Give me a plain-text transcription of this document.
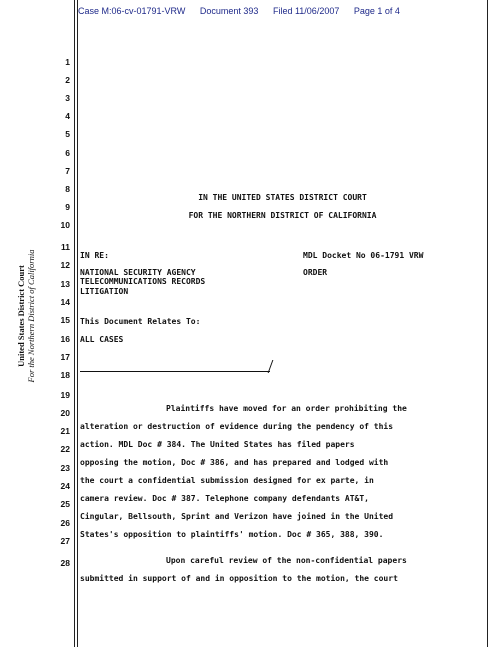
Case M:06-cv-01791-VRW Document 393 Filed 11/06/2007 Page 1 of 4
United States District Court For the Northern District of California
1
2
3
4
5
6
7
8
9
10
11
12
13
14
15
16
17
18
19
20
21
22
23
24
25
26
27
28
IN THE UNITED STATES DISTRICT COURT
FOR THE NORTHERN DISTRICT OF CALIFORNIA
IN RE:	MDL Docket No 06-1791 VRW
NATIONAL SECURITY AGENCY	ORDER
TELECOMMUNICATIONS RECORDS
LITIGATION
This Document Relates To:
ALL CASES
Plaintiffs have moved for an order prohibiting the
alteration or destruction of evidence during the pendency of this
action. MDL Doc # 384. The United States has filed papers
opposing the motion, Doc # 386, and has prepared and lodged with
the court a confidential submission designed for ex parte, in
camera review. Doc # 387. Telephone company defendants AT&T,
Cingular, Bellsouth, Sprint and Verizon have joined in the United
States's opposition to plaintiffs' motion. Doc # 365, 388, 390.
Upon careful review of the non-confidential papers
submitted in support of and in opposition to the motion, the court
